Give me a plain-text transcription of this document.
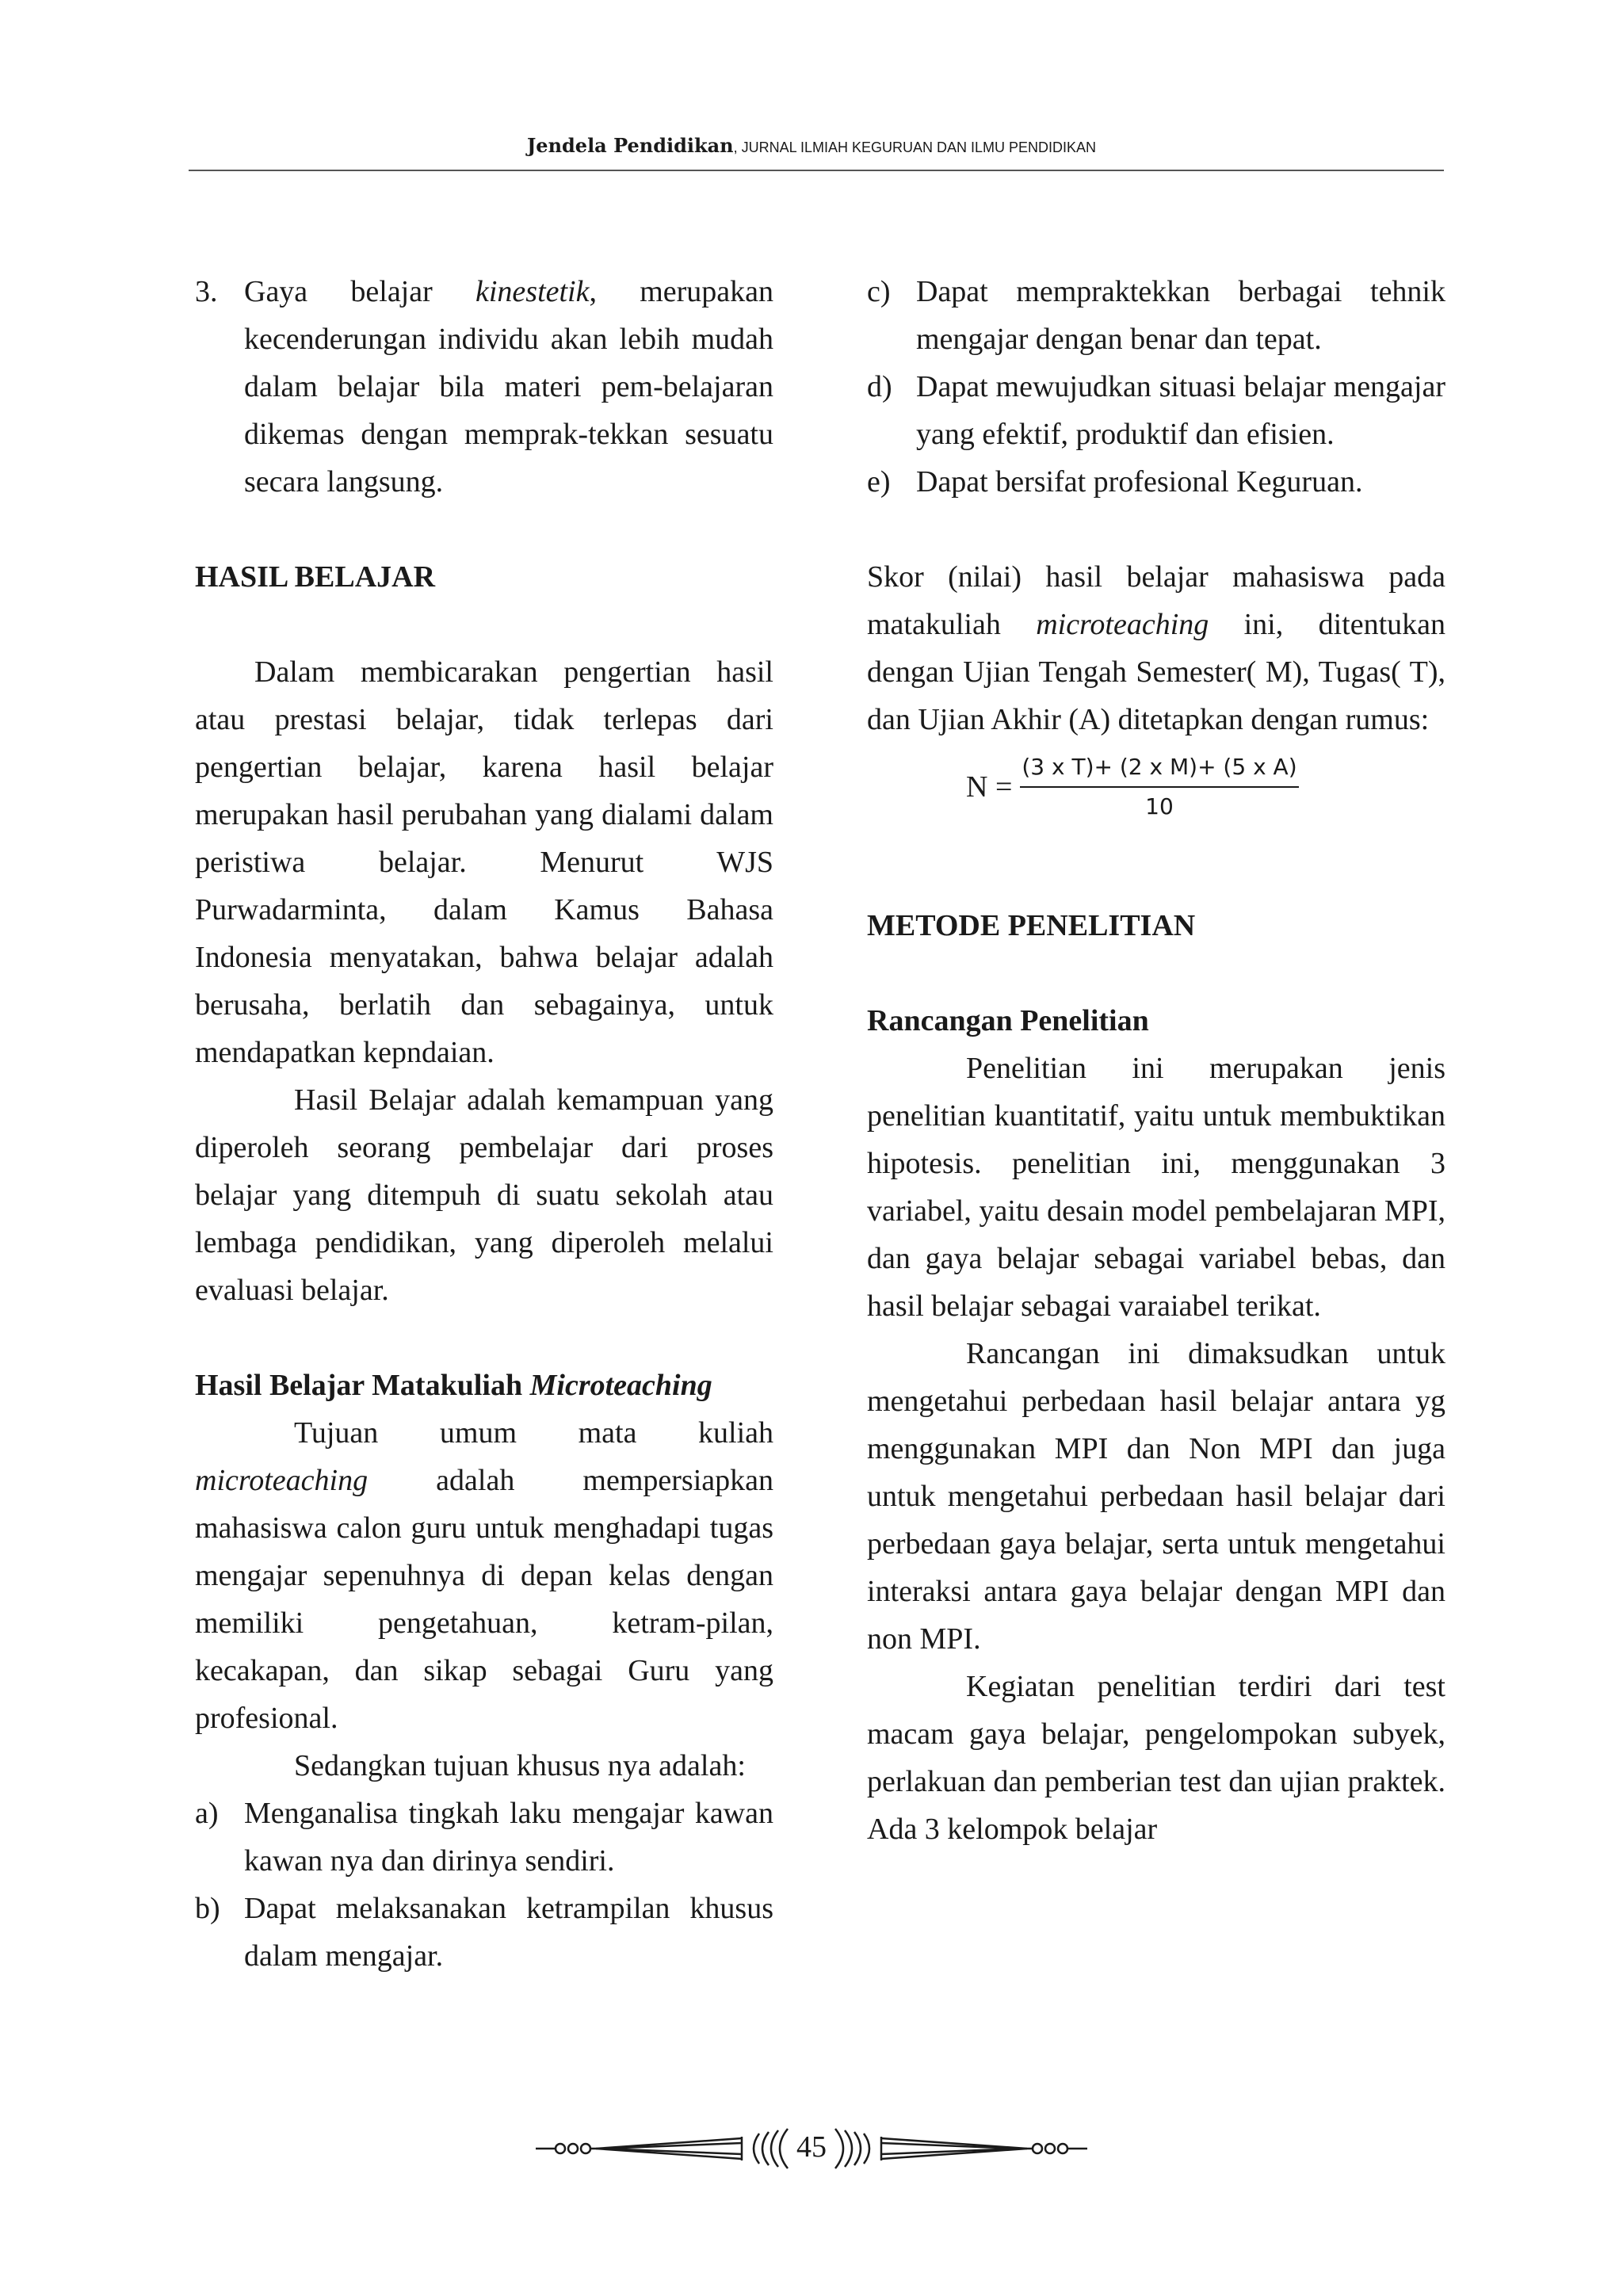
Jendela Pendidikan, JURNAL ILMIAH KEGURUAN DAN ILMU PENDIDIKAN
3. Gaya belajar kinestetik, merupakan kecenderungan individu akan lebih mudah dalam belajar bila materi pem-belajaran dikemas dengan memprak-tekkan sesuatu secara langsung.

HASIL BELAJAR

Dalam membicarakan pengertian hasil atau prestasi belajar, tidak terlepas dari pengertian belajar, karena hasil belajar merupakan hasil perubahan yang dialami dalam peristiwa belajar. Menurut WJS Purwadarminta, dalam Kamus Bahasa Indonesia menyatakan, bahwa belajar adalah berusaha, berlatih dan sebagainya, untuk mendapatkan kepndaian.

Hasil Belajar adalah kemampuan yang diperoleh seorang pembelajar dari proses belajar yang ditempuh di suatu sekolah atau lembaga pendidikan, yang diperoleh melalui evaluasi belajar.

Hasil Belajar Matakuliah Microteaching

Tujuan umum mata kuliah microteaching adalah mempersiapkan mahasiswa calon guru untuk menghadapi tugas mengajar sepenuhnya di depan kelas dengan memiliki pengetahuan, ketram-pilan, kecakapan, dan sikap sebagai Guru yang profesional.

Sedangkan tujuan khusus nya adalah:

a) Menganalisa tingkah laku mengajar kawan kawan nya dan dirinya sendiri.

b) Dapat melaksanakan ketrampilan khusus dalam mengajar.

c) Dapat mempraktekkan berbagai tehnik mengajar dengan benar dan tepat.

d) Dapat mewujudkan situasi belajar mengajar yang efektif, produktif dan efisien.

e) Dapat bersifat profesional Keguruan.

Skor (nilai) hasil belajar mahasiswa pada matakuliah microteaching ini, ditentukan dengan Ujian Tengah Semester( M), Tugas( T), dan Ujian Akhir (A) ditetapkan dengan rumus:

$N = \frac{\text{(3 x T)+ (2 x M)+ (5 x A)}}{10}$
METODE PENELITIAN
Rancangan Penelitian

Penelitian ini merupakan jenis penelitian kuantitatif, yaitu untuk membuktikan hipotesis. penelitian ini, menggunakan 3 variabel, yaitu desain model pembelajaran MPI, dan gaya belajar sebagai variabel bebas, dan hasil belajar sebagai varaiabel terikat.

Rancangan ini dimaksudkan untuk mengetahui perbedaan hasil belajar antara yg menggunakan MPI dan Non MPI dan juga untuk mengetahui perbedaan hasil belajar dari perbedaan gaya belajar, serta untuk mengetahui interaksi antara gaya belajar dengan MPI dan non MPI.

Kegiatan penelitian terdiri dari test macam gaya belajar, pengelompokan subyek, perlakuan dan pemberian test dan ujian praktek. Ada 3 kelompok belajar

45
